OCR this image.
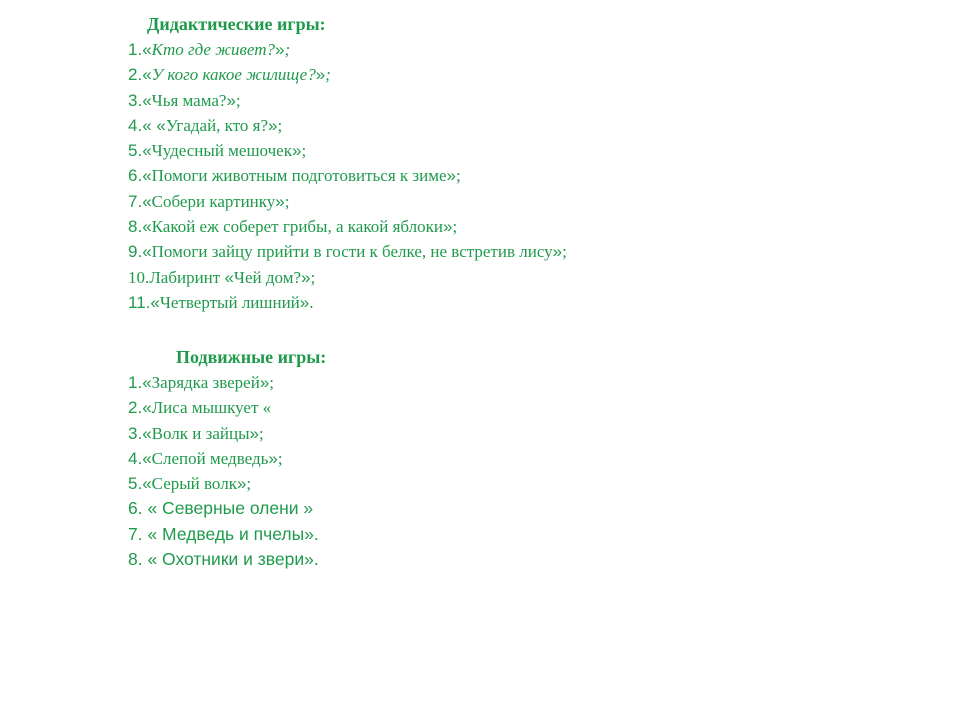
Дидактические игры:
1.«Кто где живет?»;
2.«У кого какое жилище?»;
3.«Чья мама?»;
4.« «Угадай, кто я?»;
5.«Чудесный мешочек»;
6.«Помоги животным подготовиться к зиме»;
7.«Собери картинку»;
8.«Какой еж соберет грибы, а какой яблоки»;
9.«Помоги зайцу прийти в гости к белке, не встретив лису»;
10.Лабиринт «Чей дом?»;
11.«Четвертый лишний».
Подвижные игры:
1.«Зарядка зверей»;
2.«Лиса мышкует «
3.«Волк и зайцы»;
4.«Слепой медведь»;
5.«Серый волк»;
6. « Северные олени »
7. « Медведь и пчелы».
8. « Охотники и звери».
